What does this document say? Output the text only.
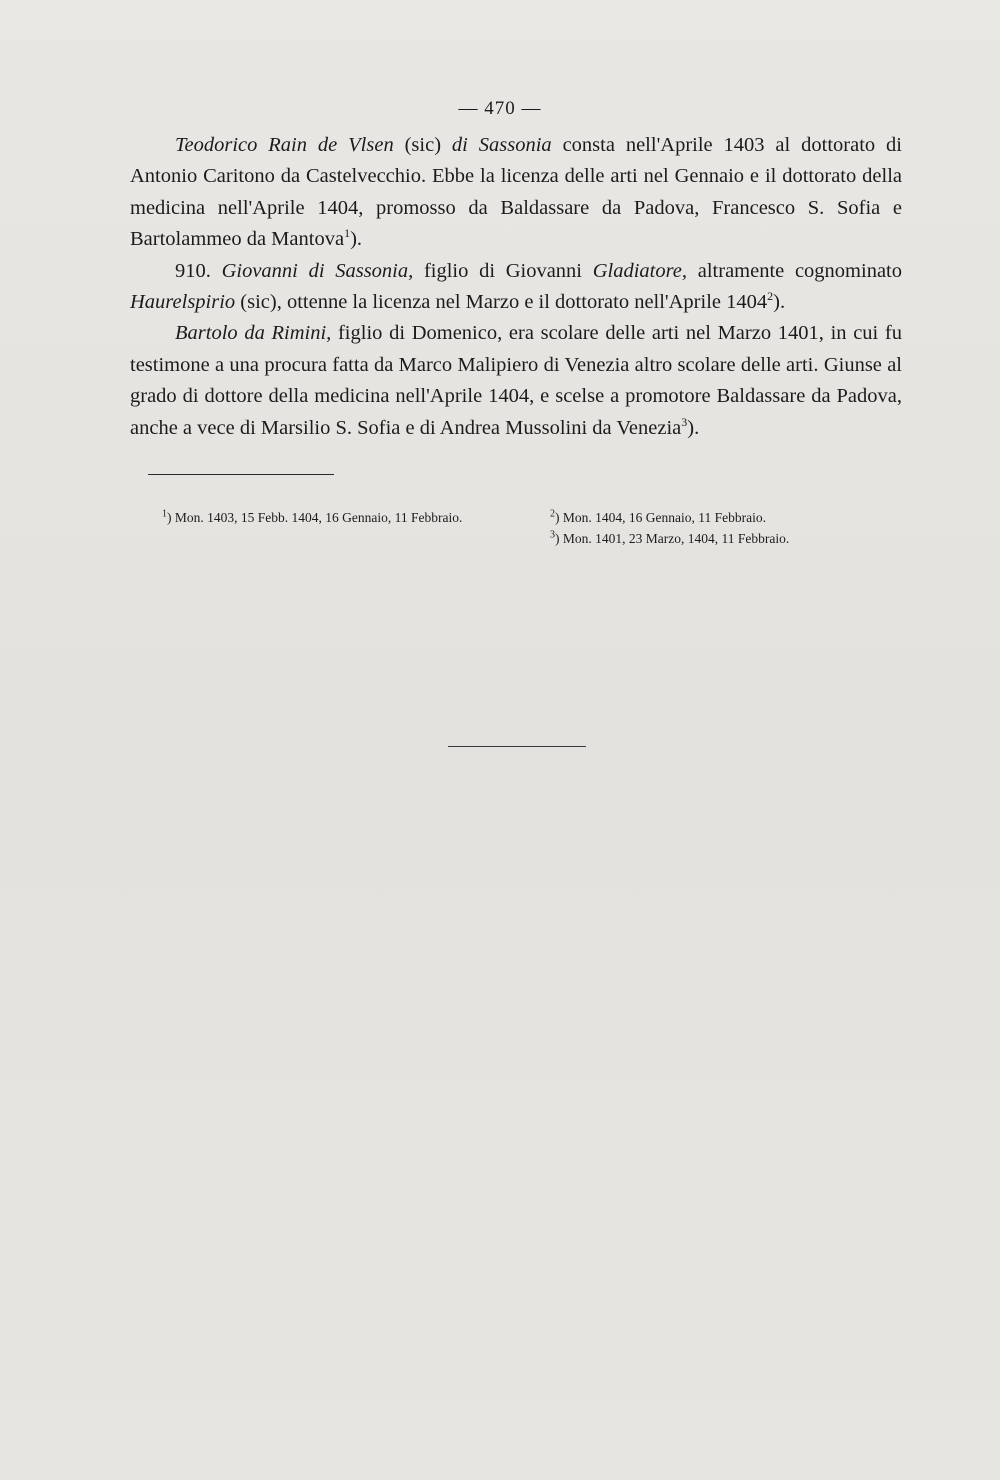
— 470 —

Teodorico Rain de Vlsen (sic) di Sassonia consta nell'Aprile 1403 al dottorato di Antonio Caritono da Castelvecchio. Ebbe la licenza delle arti nel Gennaio e il dottorato della medicina nell'Aprile 1404, promosso da Baldassare da Padova, Francesco S. Sofia e Bartolammeo da Mantova$^1$).

910. Giovanni di Sassonia, figlio di Giovanni Gladiatore, altramente cognominato Haurelspirio (sic), ottenne la licenza nel Marzo e il dottorato nell'Aprile 1404$^2$).

Bartolo da Rimini, figlio di Domenico, era scolare delle arti nel Marzo 1401, in cui fu testimone a una procura fatta da Marco Malipiero di Venezia altro scolare delle arti. Giunse al grado di dottore della medicina nell'Aprile 1404, e scelse a promotore Baldassare da Padova, anche a vece di Marsilio S. Sofia e di Andrea Mussolini da Venezia$^3$).

$^1$) Mon. 1403, 15 Febb. 1404, 16 Gennaio, 11 Febbraio.	$^2$) Mon. 1404, 16 Gennaio, 11 Febbraio.
$^3$) Mon. 1401, 23 Marzo, 1404, 11 Febbraio.
